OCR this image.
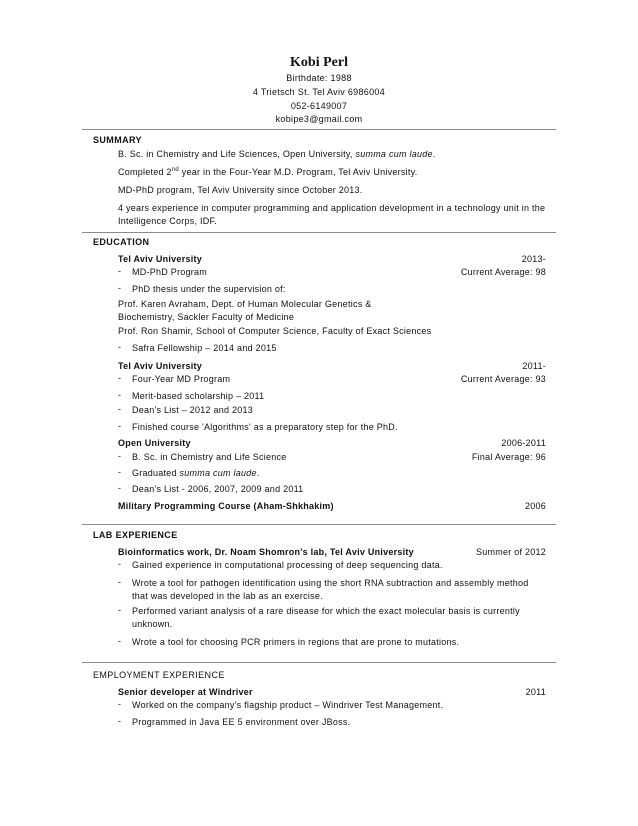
Kobi Perl
Birthdate: 1988
4 Trietsch St. Tel Aviv 6986004
052-6149007
kobipe3@gmail.com
SUMMARY
B. Sc. in Chemistry and Life Sciences, Open University, summa cum laude.
Completed 2nd year in the Four-Year M.D. Program, Tel Aviv University.
MD-PhD program, Tel Aviv University since October 2013.
4 years experience in computer programming and application development in a technology unit in the Intelligence Corps, IDF.
EDUCATION
Tel Aviv University	2013-
- MD-PhD Program	Current Average: 98
- PhD thesis under the supervision of:
Prof. Karen Avraham, Dept. of Human Molecular Genetics & Biochemistry, Sackler Faculty of Medicine
Prof. Ron Shamir, School of Computer Science, Faculty of Exact Sciences
- Safra Fellowship – 2014 and 2015
Tel Aviv University	2011-
- Four-Year MD Program	Current Average: 93
- Merit-based scholarship – 2011
- Dean's List – 2012 and 2013
- Finished course 'Algorithms' as a preparatory step for the PhD.
Open University	2006-2011
- B. Sc. in Chemistry and Life Science	Final Average: 96
- Graduated summa cum laude.
- Dean's List - 2006, 2007, 2009 and 2011
Military Programming Course (Aham-Shkhakim)	2006
LAB EXPERIENCE
Bioinformatics work, Dr. Noam Shomron's lab, Tel Aviv University	Summer of 2012
- Gained experience in computational processing of deep sequencing data.
- Wrote a tool for pathogen identification using the short RNA subtraction and assembly method that was developed in the lab as an exercise.
- Performed variant analysis of a rare disease for which the exact molecular basis is currently unknown.
- Wrote a tool for choosing PCR primers in regions that are prone to mutations.
EMPLOYMENT EXPERIENCE
Senior developer at Windriver	2011
- Worked on the company's flagship product – Windriver Test Management.
- Programmed in Java EE 5 environment over JBoss.
